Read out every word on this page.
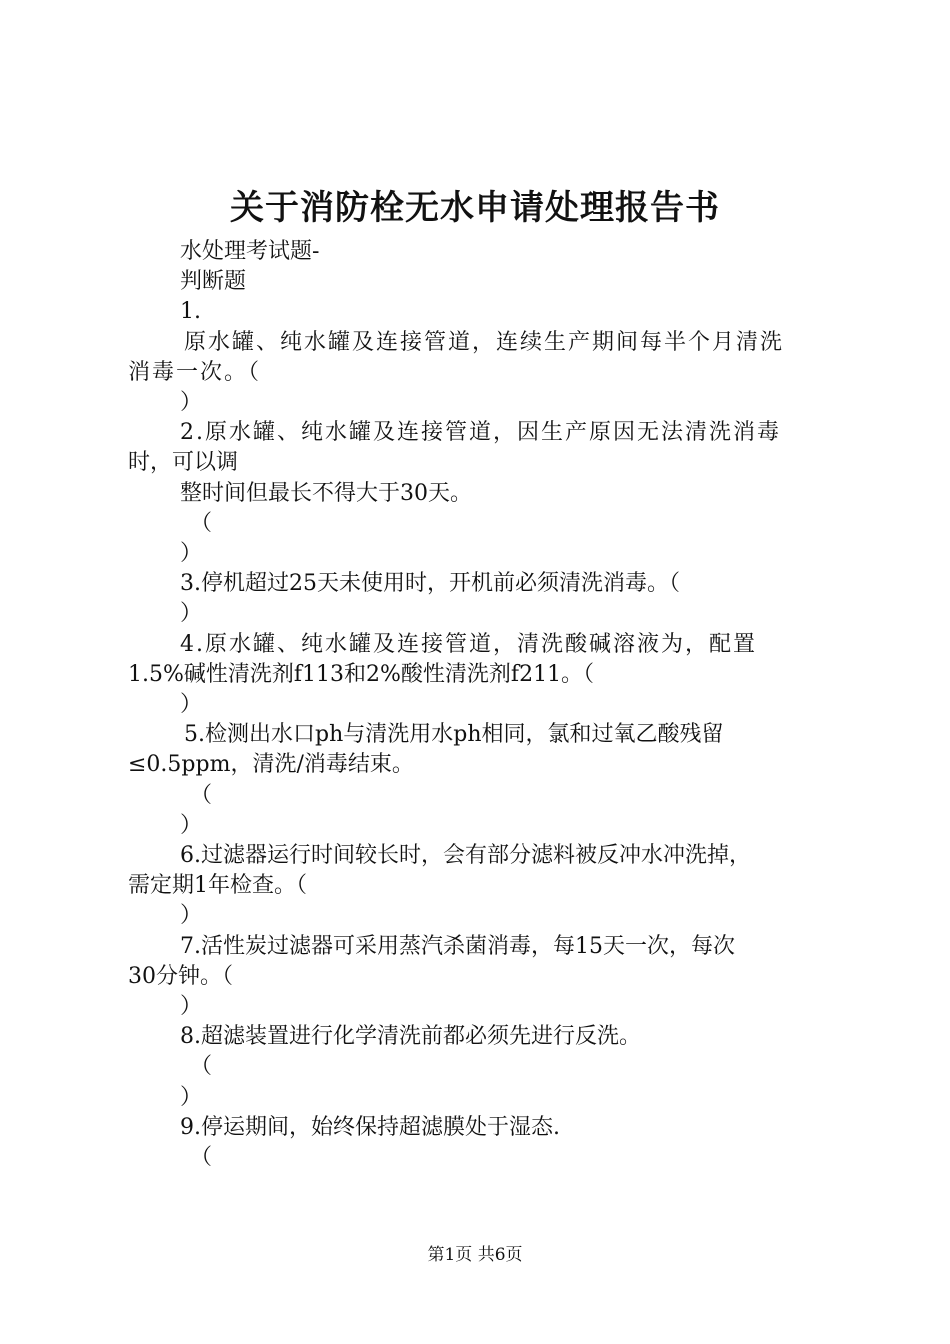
关于消防栓无水申请处理报告书
水处理考试题-
判断题
1.
原水罐、纯水罐及连接管道，连续生产期间每半个月清洗
消毒一次。（
）
2.原水罐、纯水罐及连接管道，因生产原因无法清洗消毒
时，可以调
整时间但最长不得大于30天。
（
）
3.停机超过25天未使用时，开机前必须清洗消毒。（
）
4.原水罐、纯水罐及连接管道，清洗酸碱溶液为，配置
1.5%碱性清洗剂f113和2%酸性清洗剂f211。（
）
5.检测出水口ph与清洗用水ph相同，氯和过氧乙酸残留
≤0.5ppm，清洗/消毒结束。
（
）
6.过滤器运行时间较长时，会有部分滤料被反冲水冲洗掉，
需定期1年检查。（
）
7.活性炭过滤器可采用蒸汽杀菌消毒，每15天一次，每次
30分钟。（
）
8.超滤装置进行化学清洗前都必须先进行反洗。
（
）
9.停运期间，始终保持超滤膜处于湿态.
（
第1页 共6页
